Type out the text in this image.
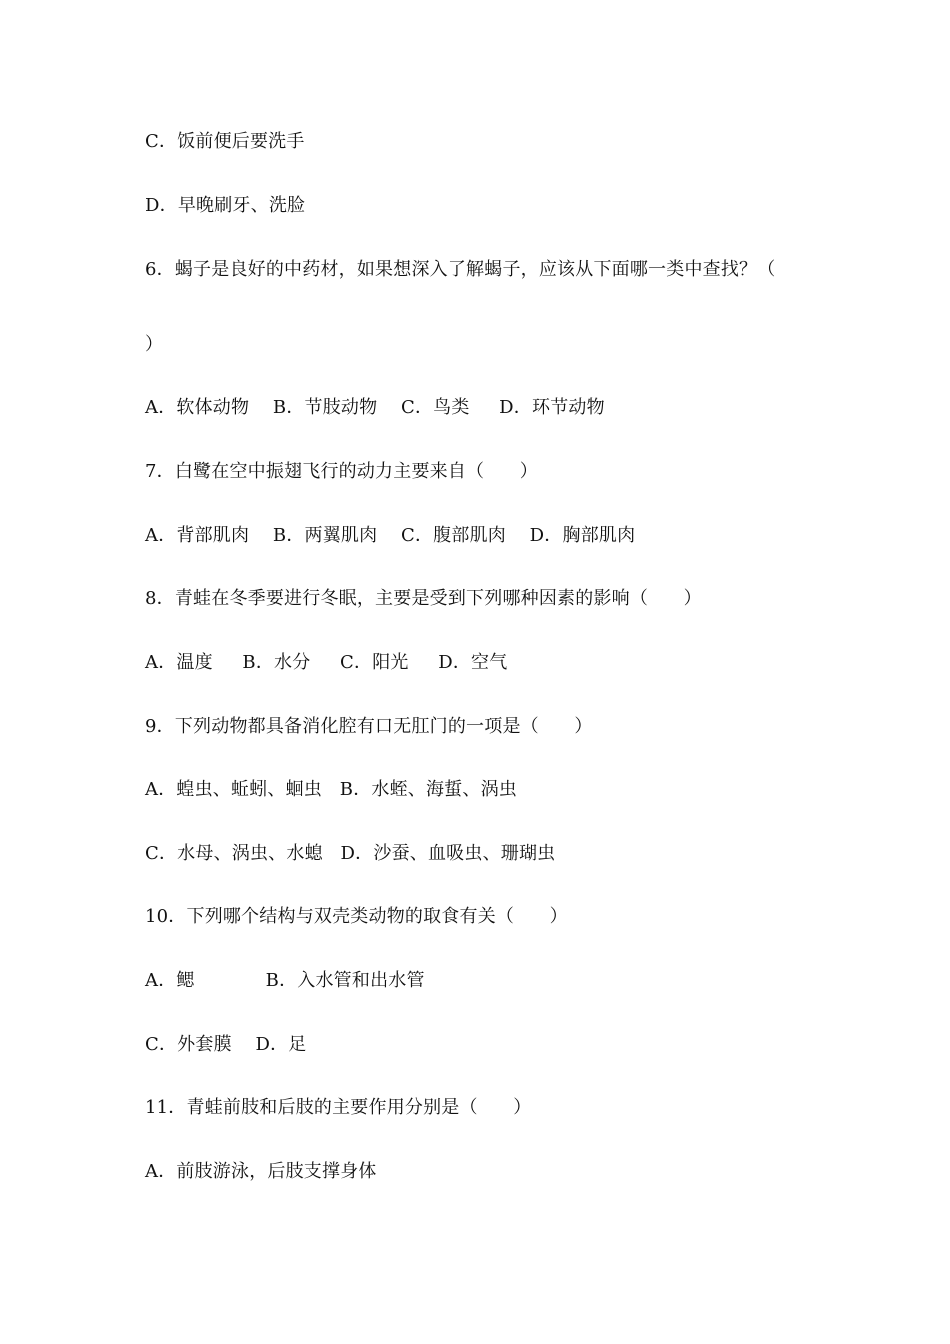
C．饭前便后要洗手
D．早晚刷牙、洗脸
6．蝎子是良好的中药材，如果想深入了解蝎子，应该从下面哪一类中查找？（
）
A．软体动物    B．节肢动物    C．鸟类     D．环节动物
7．白鹭在空中振翅飞行的动力主要来自（      ）
A．背部肌肉    B．两翼肌肉    C．腹部肌肉    D．胸部肌肉
8．青蛙在冬季要进行冬眠，主要是受到下列哪种因素的影响（      ）
A．温度     B．水分     C．阳光     D．空气
9．下列动物都具备消化腔有口无肛门的一项是（      ）
A．蝗虫、蚯蚓、蛔虫   B．水蛭、海蜇、涡虫
C．水母、涡虫、水螅   D．沙蚕、血吸虫、珊瑚虫
10．下列哪个结构与双壳类动物的取食有关（      ）
A．鳃            B．入水管和出水管
C．外套膜    D．足
11．青蛙前肢和后肢的主要作用分别是（      ）
A．前肢游泳，后肢支撑身体
